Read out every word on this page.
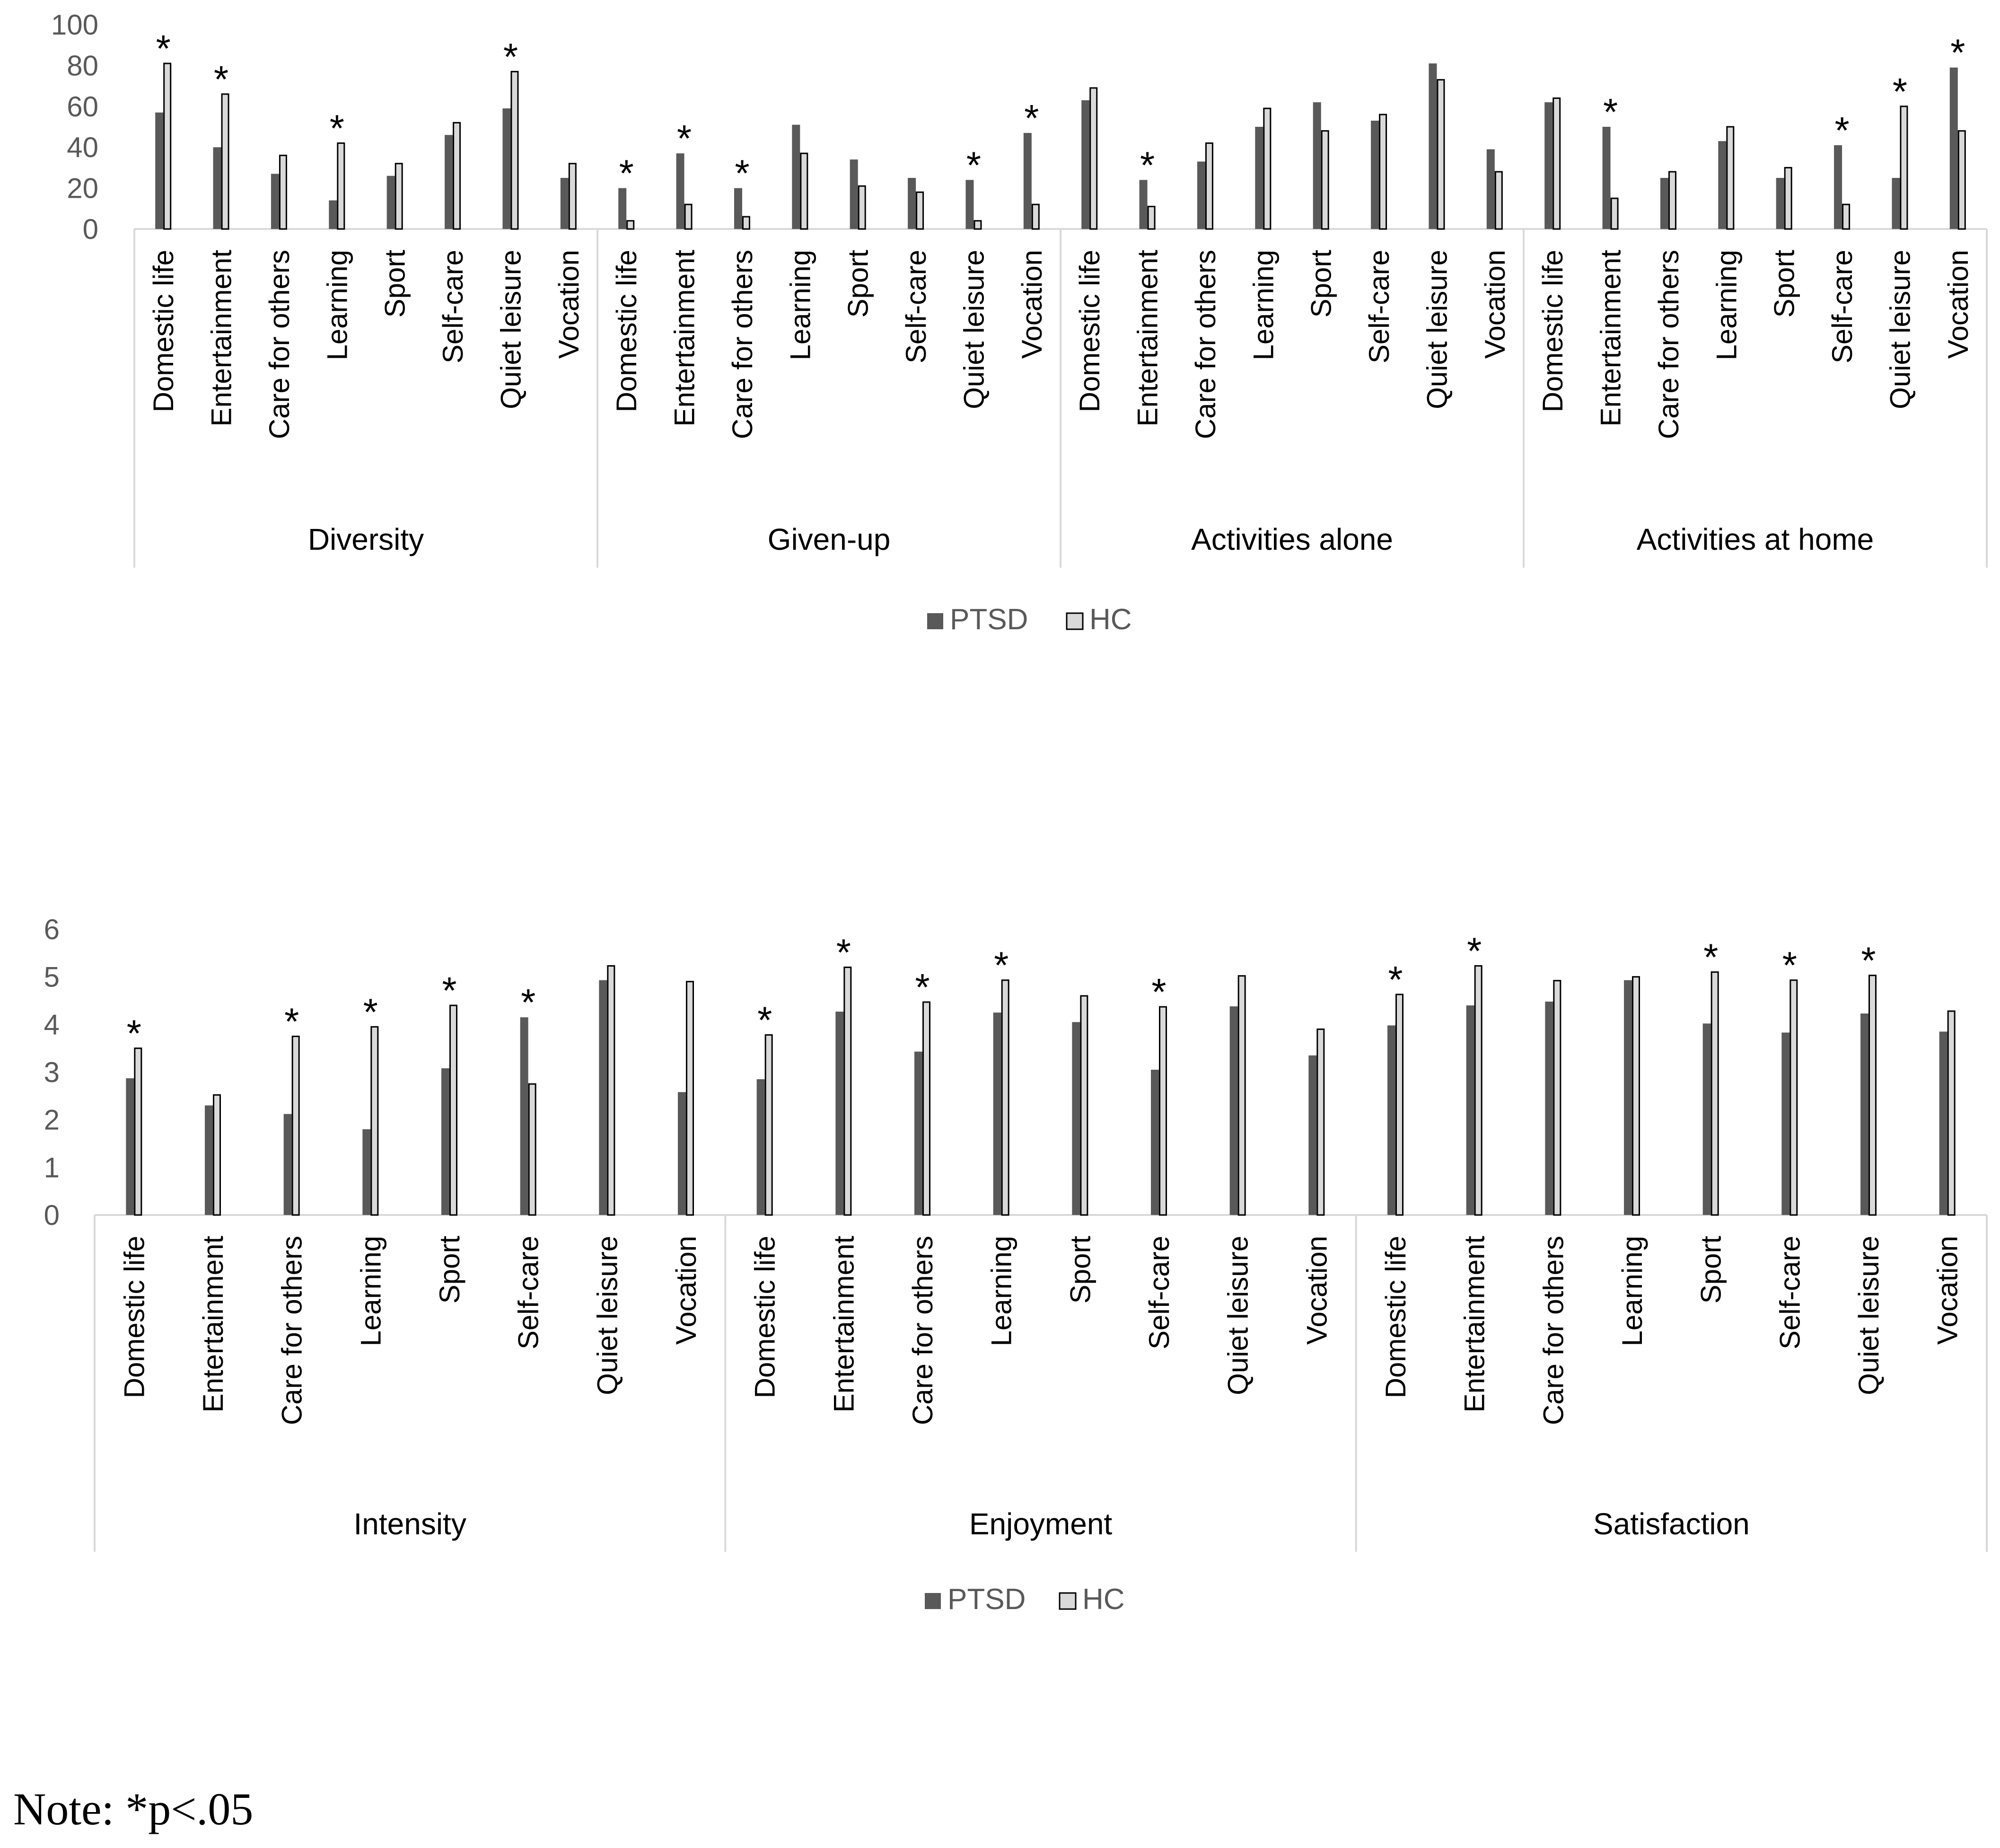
0
20
40
60
80
100
Diversity
*
Domestic life
*
Entertainment Care for others
*
Learning Sport Self-care
*
Quiet leisure Vocation
Given-up
*
Domestic life
*
Entertainment
*
Care for others Learning Sport Self-care
*
Quiet leisure
*
Vocation
Activities alone
Domestic life
*
Entertainment Care for others Learning Sport Self-care Quiet leisure Vocation
Activities at home
Domestic life
*
Entertainment Care for others Learning Sport
*
Self-care
*
Quiet leisure
*
Vocation
PTSD HC
0
1
2
3
4
5
6
Intensity
*
Domestic life Entertainment
*
Care for others
*
Learning
*
Sport
*
Self-care Quiet leisure Vocation
Enjoyment
*
Domestic life
*
Entertainment
*
Care for others
*
Learning Sport
*
Self-care Quiet leisure Vocation
Satisfaction
*
Domestic life
*
Entertainment Care for others Learning
*
Sport
*
Self-care
*
Quiet leisure Vocation
PTSD HC

Note: *p<.05
